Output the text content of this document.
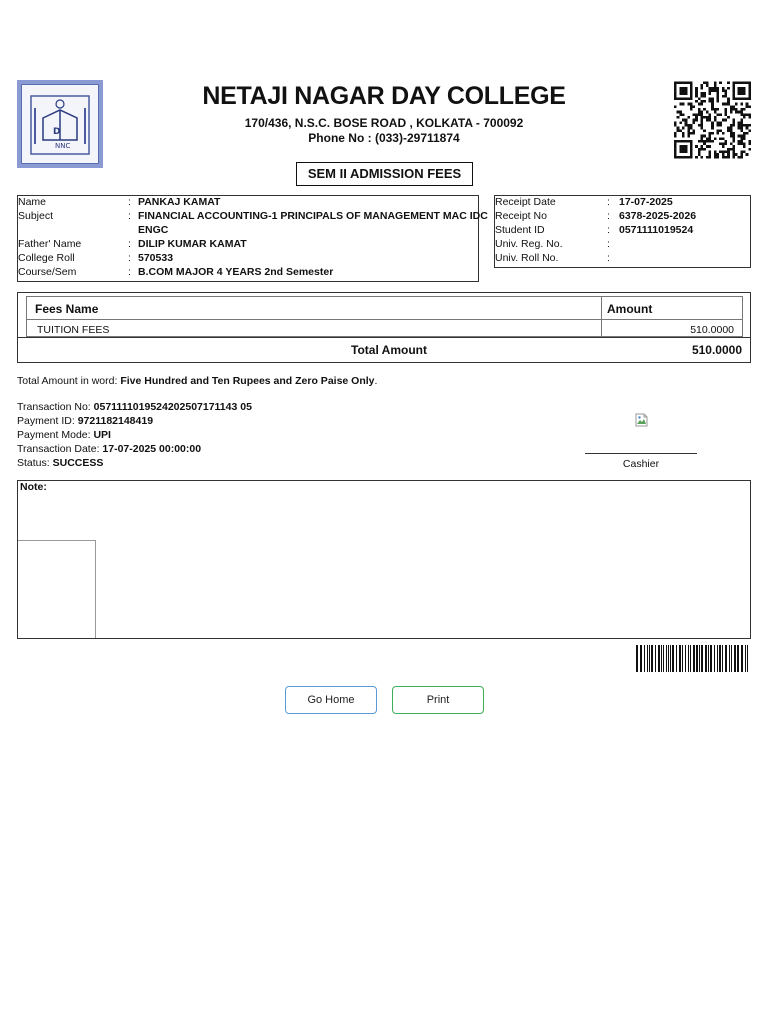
D
NNC
NETAJI NAGAR DAY COLLEGE
170/436, N.S.C. BOSE ROAD , KOLKATA - 700092
Phone No : (033)-29711874
SEM II ADMISSION FEES
Name	: PANKAJ KAMAT
Subject	: FINANCIAL ACCOUNTING-1 PRINCIPALS OF MANAGEMENT MAC IDC
ENGC
Father' Name	: DILIP KUMAR KAMAT
College Roll	: 570533
Course/Sem	: B.COM MAJOR 4 YEARS 2nd Semester
Receipt Date	: 17-07-2025
Receipt No	: 6378-2025-2026
Student ID	: 0571111019524
Univ. Reg. No.	:
Univ. Roll No.	:
Fees Name	Amount
TUITION FEES	510.0000
Total Amount	510.0000
Total Amount in word: Five Hundred and Ten Rupees and Zero Paise Only.
Transaction No: 0571111019524202507171143 05
Payment ID: 9721182148419
Payment Mode: UPI
Transaction Date: 17-07-2025 00:00:00
Status: SUCCESS	Cashier
Note:
Go Home	Print
